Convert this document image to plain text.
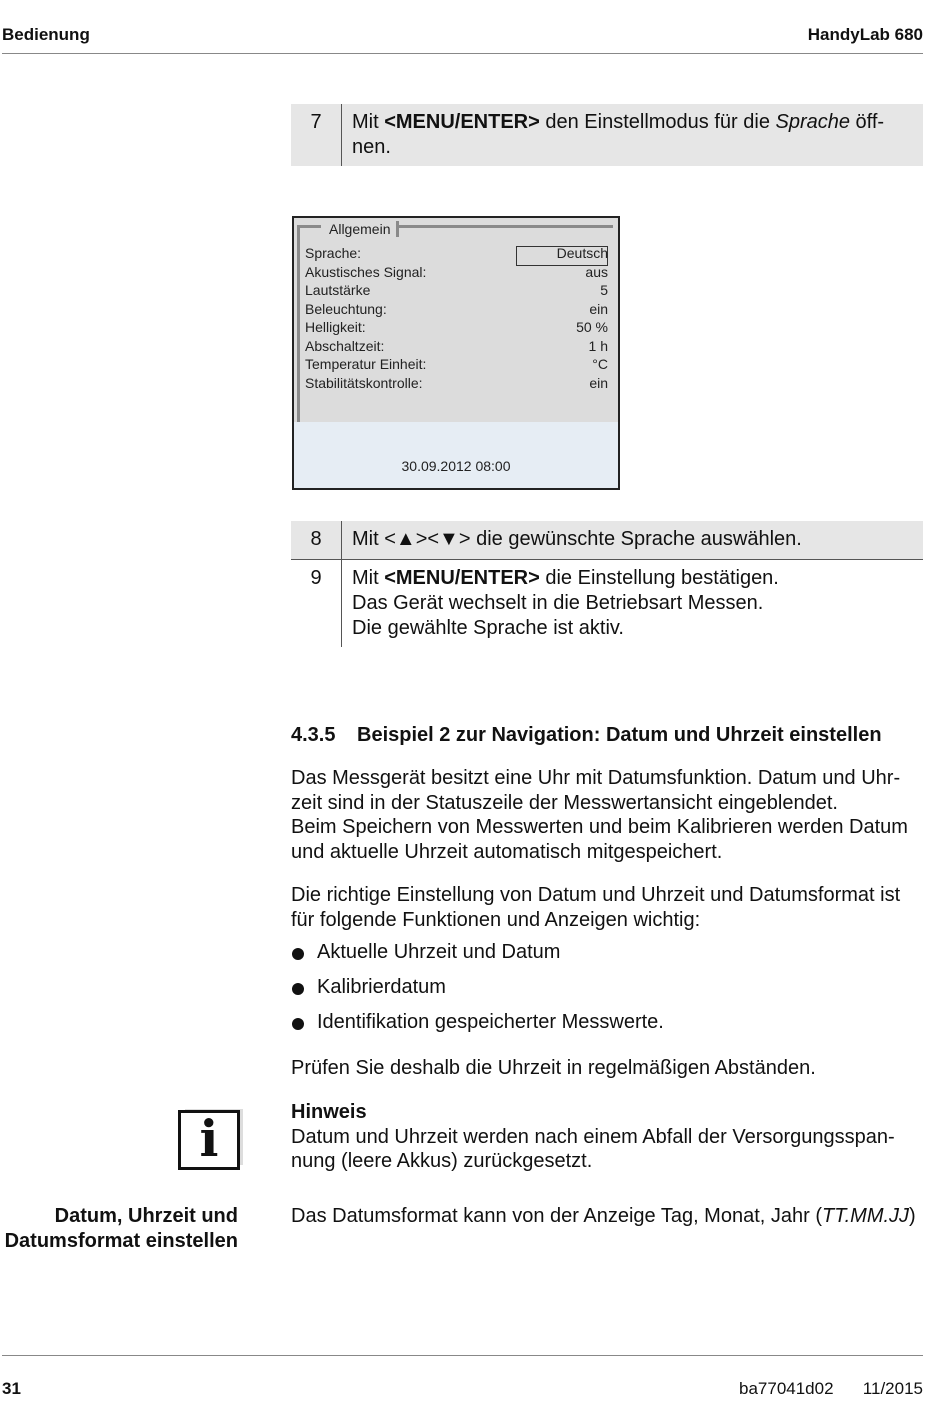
Bedienung	HandyLab 680
7	Mit <MENU/ENTER> den Einstellmodus für die Sprache öff-
nen.
Allgemein
Sprache:	Deutsch
Akustisches Signal:	aus
Lautstärke	5
Beleuchtung:	ein
Helligkeit:	50 %
Abschaltzeit:	1 h
Temperatur Einheit:	°C
Stabilitätskontrolle:	ein
30.09.2012 08:00
8	Mit <▲><▼> die gewünschte Sprache auswählen.
9	Mit <MENU/ENTER> die Einstellung bestätigen.
Das Gerät wechselt in die Betriebsart Messen.
Die gewählte Sprache ist aktiv.
4.3.5 Beispiel 2 zur Navigation: Datum und Uhrzeit einstellen
Das Messgerät besitzt eine Uhr mit Datumsfunktion. Datum und Uhr-
zeit sind in der Statuszeile der Messwertansicht eingeblendet.
Beim Speichern von Messwerten und beim Kalibrieren werden Datum
und aktuelle Uhrzeit automatisch mitgespeichert.
Die richtige Einstellung von Datum und Uhrzeit und Datumsformat ist
für folgende Funktionen und Anzeigen wichtig:
Aktuelle Uhrzeit und Datum
Kalibrierdatum
Identifikation gespeicherter Messwerte.
Prüfen Sie deshalb die Uhrzeit in regelmäßigen Abständen.
i	Hinweis
Datum und Uhrzeit werden nach einem Abfall der Versorgungsspan-
nung (leere Akkus) zurückgesetzt.
Datum, Uhrzeit und
Datumsformat einstellen
Das Datumsformat kann von der Anzeige Tag, Monat, Jahr (TT.MM.JJ)
31	ba77041d02 11/2015
